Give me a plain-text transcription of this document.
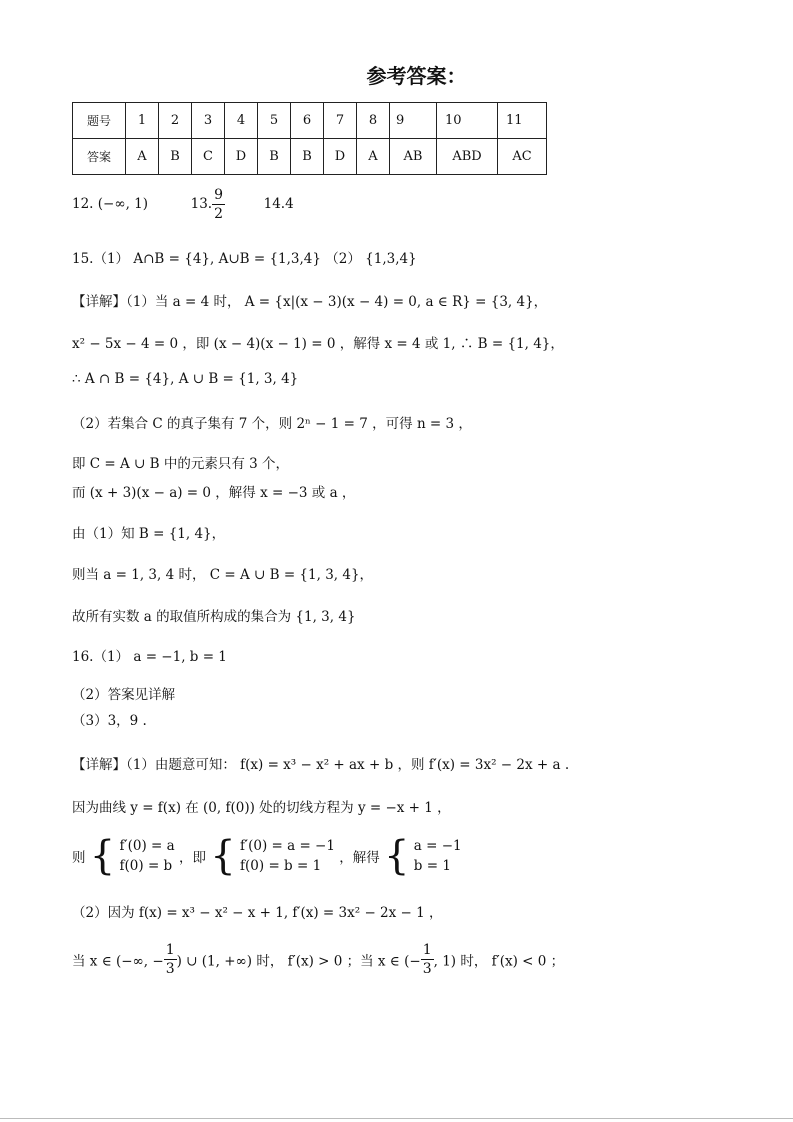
参考答案：
题号	1	2	3	4	5	6	7	8	9	10	11
答案	A	B	C	D	B	B	D	A	AB	ABD	AC
12. (−∞, 1)	13. $\frac{9}{2}$	14.4
15.（1） A∩B = {4}, A∪B = {1,3,4} （2） {1,3,4}
【详解】（1）当 a = 4 时， A = {x|(x − 3)(x − 4) = 0, a ∈ R} = {3, 4}，
x² − 5x − 4 = 0 ，即 (x − 4)(x − 1) = 0 ，解得 x = 4 或 1, ∴ B = {1, 4}，
∴ A ∩ B = {4}, A ∪ B = {1, 3, 4}
（2）若集合 C 的真子集有 7 个，则 2ⁿ − 1 = 7 ，可得 n = 3 ，
即 C = A ∪ B 中的元素只有 3 个，
而 (x + 3)(x − a) = 0 ，解得 x = −3 或 a ，
由（1）知 B = {1, 4}，
则当 a = 1, 3, 4 时， C = A ∪ B = {1, 3, 4}，
故所有实数 a 的取值所构成的集合为 {1, 3, 4}
16.（1） a = −1, b = 1
（2）答案见详解
（3）3，9 .
【详解】（1）由题意可知： f(x) = x³ − x² + ax + b ，则 f′(x) = 3x² − 2x + a .
因为曲线 y = f(x) 在 (0, f(0)) 处的切线方程为 y = −x + 1 ，
则 { f′(0) = a
f(0) = b ，即 { f′(0) = a = −1
f(0) = b = 1	，解得 { a = −1
b = 1
（2）因为 f(x) = x³ − x² − x + 1, f′(x) = 3x² − 2x − 1 ，
当 x ∈ (−∞, − $\frac{1}{3}$ ) ∪ (1, +∞) 时， f′(x) > 0 ；当 x ∈ (− $\frac{1}{3}$ , 1) 时， f′(x) < 0 ；
